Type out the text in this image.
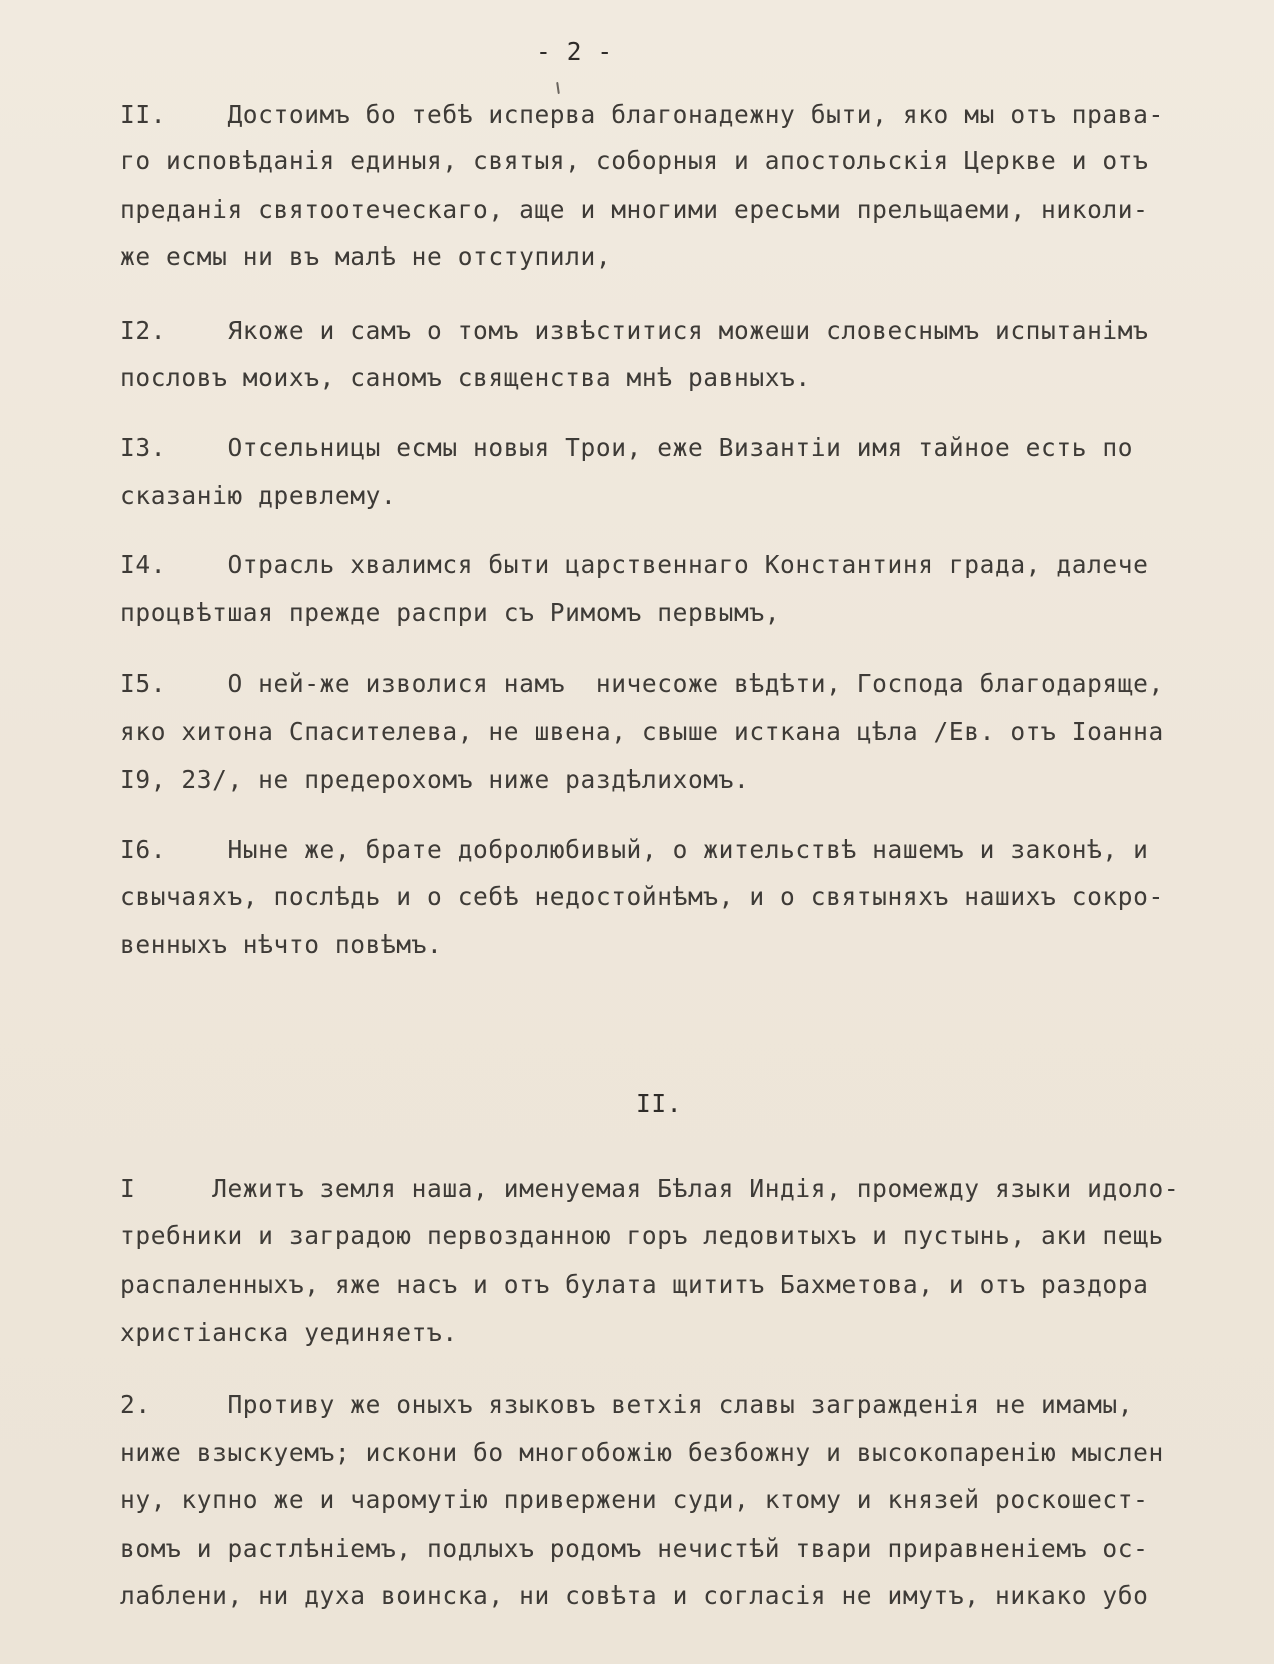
- 2 -
II.    Достоимъ бо тебѣ исперва благонадежну быти, яко мы отъ права-
го исповѣданія единыя, святыя, соборныя и апостольскія Церкве и отъ
преданія святоотеческагo, аще и многими ересьми прельщаеми, николи-
же есмы ни въ малѣ не отступили,
I2.    Якоже и самъ о томъ извѣститися можеши словеснымъ испытанiмъ
пословъ моихъ, саномъ священства мнѣ равныхъ.
I3.    Отсельницы есмы новыя Трои, еже Византiи имя тайное есть по
сказанiю древлему.
I4.    Отрасль хвалимся быти царственнаго Константиня града, далече
процвѣтшая прежде распри съ Римомъ первымъ,
I5.    О ней-же изволися намъ  ничесоже вѣдѣти, Господа благодаряще,
яко хитона Спасителева, не швена, свыше исткана цѣла /Ев. отъ Іоанна
I9, 23/, не предерохомъ ниже раздѣлихомъ.
I6.    Ныне же, брате добролюбивый, о жительствѣ нашемъ и законѣ, и
свычаяхъ, послѣдь и о себѣ недостойнѣмъ, и о святыняхъ нашихъ сокро-
венныхъ нѣчто повѣмъ.
I     Лежитъ земля наша, именуемая Бѣлая Индія, промежду языки идоло-
требники и заградою первозданною горъ ледовитыхъ и пустынь, аки пещь
распаленныхъ, яже насъ и отъ булата щититъ Бахметова, и отъ раздора
христiанска уединяетъ.
2.     Противу же оныхъ языковъ ветхiя славы загражденiя не имамы,
ниже взыскуемъ; искони бо многобожiю безбожну и высокопаренiю мыслен
ну, купно же и чаромутiю привержени суди, ктому и князей роскошест-
вомъ и растлѣнiемъ, подлыхъ родомъ нечистѣй твари приравненiемъ ос-
лаблени, ни духа воинска, ни совѣта и согласiя не имутъ, никако убо
II.
